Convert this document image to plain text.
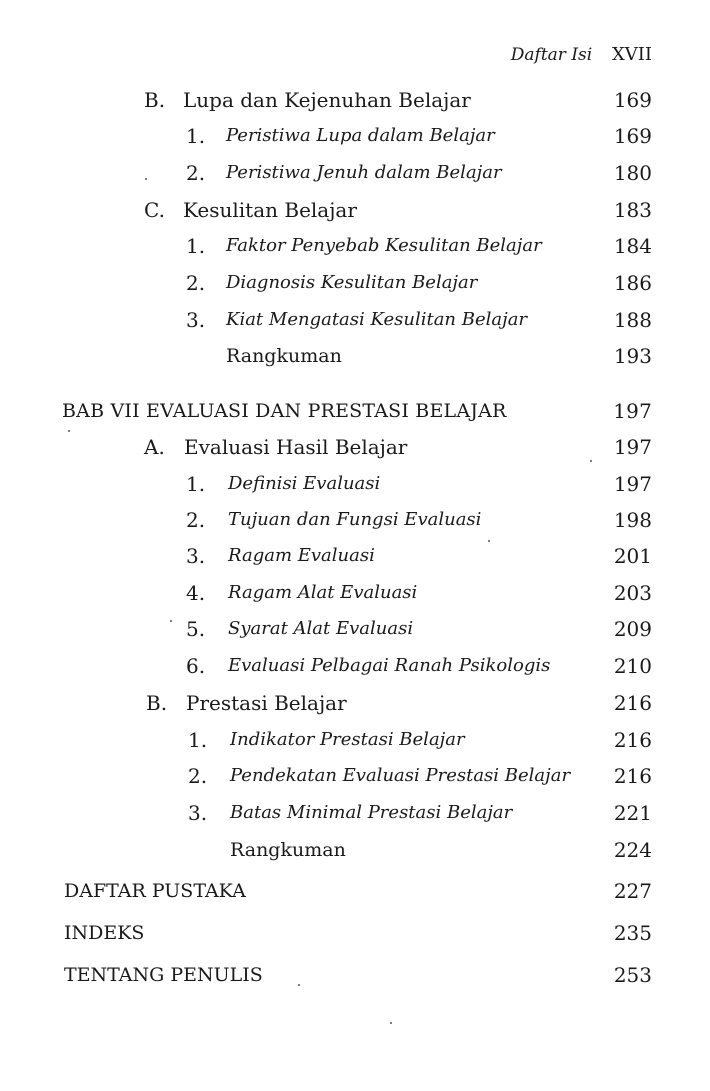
Daftar Isi XVII
B. Lupa dan Kejenuhan Belajar	169
1. Peristiwa Lupa dalam Belajar	169
2. Peristiwa Jenuh dalam Belajar	180
C. Kesulitan Belajar	183
1. Faktor Penyebab Kesulitan Belajar	184
2. Diagnosis Kesulitan Belajar	186
3. Kiat Mengatasi Kesulitan Belajar	188
Rangkuman	193
BAB VII EVALUASI DAN PRESTASI BELAJAR	197
A. Evaluasi Hasil Belajar	197
1. Definisi Evaluasi	197
2. Tujuan dan Fungsi Evaluasi	198
3. Ragam Evaluasi	201
4. Ragam Alat Evaluasi	203
5. Syarat Alat Evaluasi	209
6. Evaluasi Pelbagai Ranah Psikologis	210
B. Prestasi Belajar	216
1. Indikator Prestasi Belajar	216
2. Pendekatan Evaluasi Prestasi Belajar 216
3. Batas Minimal Prestasi Belajar	221
Rangkuman	224
DAFTAR PUSTAKA	227
INDEKS	235
TENTANG PENULIS	253
